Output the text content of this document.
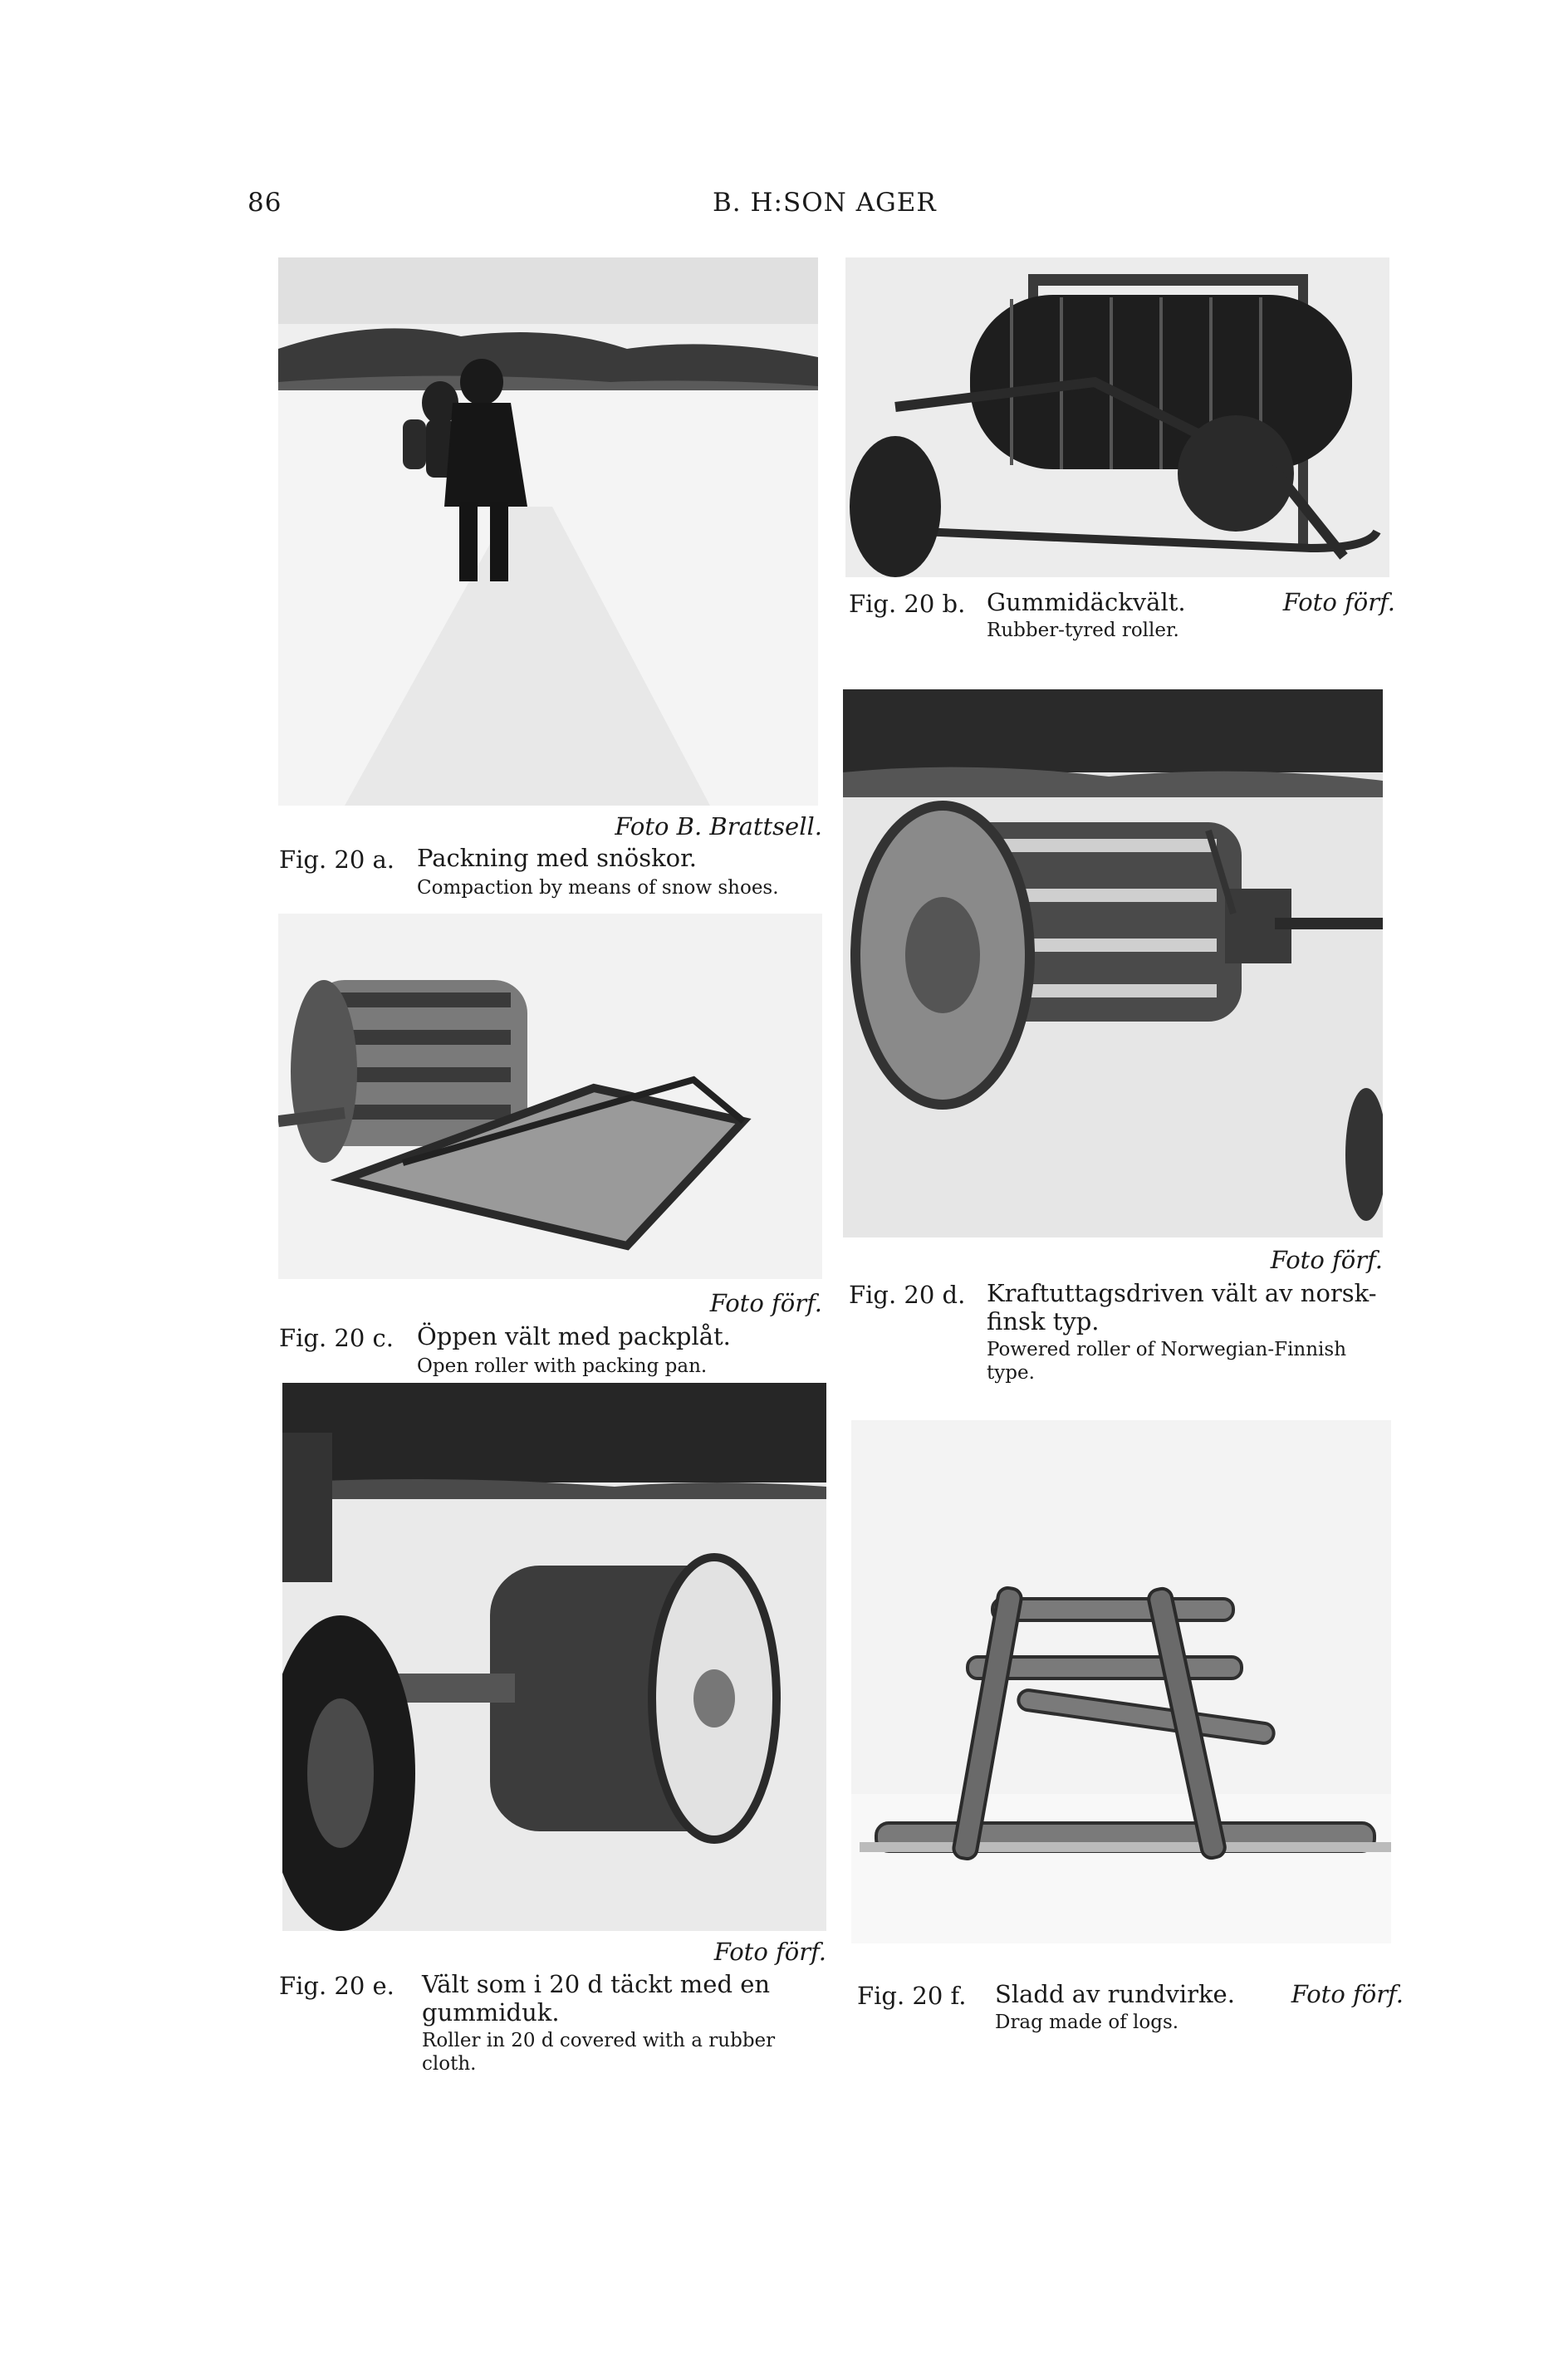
86	B. H:SON AGER
Foto B. Brattsell.
Fig. 20 a. Packning med snöskor.
Compaction by means of snow shoes.
Fig. 20 b. Gummidäckvält.	Foto förf.
Rubber-tyred roller.
Foto förf.
Fig. 20 c. Öppen vält med packplåt.
Open roller with packing pan.
Foto förf.
Fig. 20 d. Kraftuttagsdriven vält av norsk-
finsk typ.
Powered roller of Norwegian-Finnish
type.
Foto förf.
Fig. 20 e. Vält som i 20 d täckt med en
gummiduk.
Roller in 20 d covered with a rubber
cloth.
Fig. 20 f. Sladd av rundvirke.	Foto förf.
Drag made of logs.
